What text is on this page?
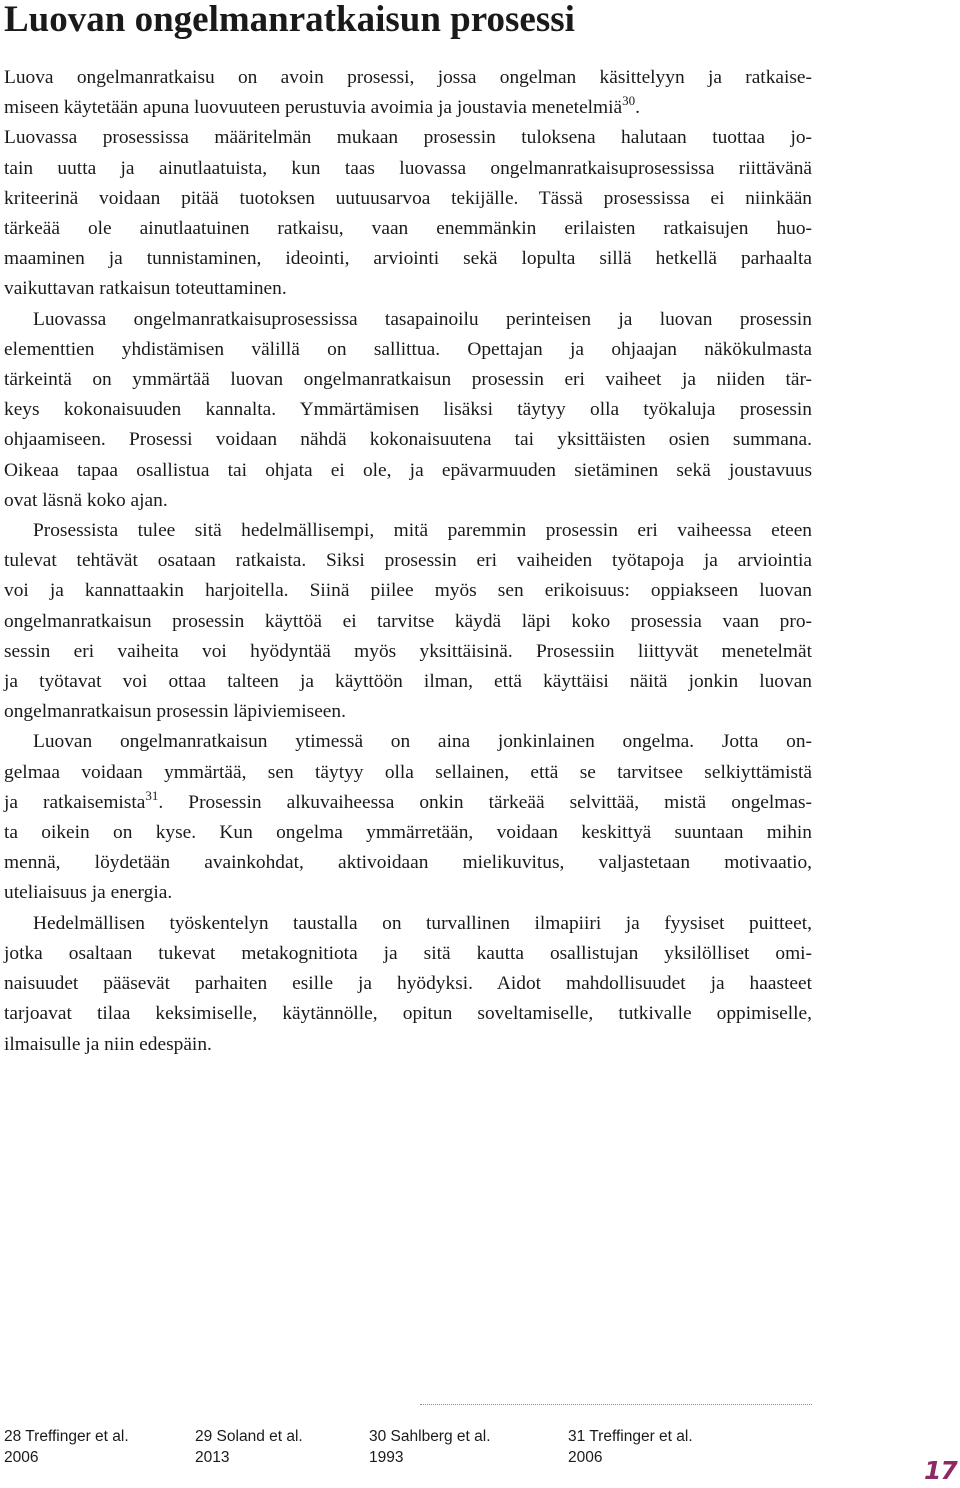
Luovan ongelmanratkaisun prosessi
Luova ongelmanratkaisu on avoin prosessi, jossa ongelman käsittelyyn ja ratkaise-
miseen käytetään apuna luovuuteen perustuvia avoimia ja joustavia menetelmiä$^{30}$.
Luovassa prosessissa määritelmän mukaan prosessin tuloksena halutaan tuottaa jo-
tain uutta ja ainutlaatuista, kun taas luovassa ongelmanratkaisuprosessissa riittävänä
kriteerinä voidaan pitää tuotoksen uutuusarvoa tekijälle. Tässä prosessissa ei niinkään
tärkeää ole ainutlaatuinen ratkaisu, vaan enemmänkin erilaisten ratkaisujen huo-
maaminen ja tunnistaminen, ideointi, arviointi sekä lopulta sillä hetkellä parhaalta
vaikuttavan ratkaisun toteuttaminen.
Luovassa ongelmanratkaisuprosessissa tasapainoilu perinteisen ja luovan prosessin
elementtien yhdistämisen välillä on sallittua. Opettajan ja ohjaajan näkökulmasta
tärkeintä on ymmärtää luovan ongelmanratkaisun prosessin eri vaiheet ja niiden tär-
keys kokonaisuuden kannalta. Ymmärtämisen lisäksi täytyy olla työkaluja prosessin
ohjaamiseen. Prosessi voidaan nähdä kokonaisuutena tai yksittäisten osien summana.
Oikeaa tapaa osallistua tai ohjata ei ole, ja epävarmuuden sietäminen sekä joustavuus
ovat läsnä koko ajan.
Prosessista tulee sitä hedelmällisempi, mitä paremmin prosessin eri vaiheessa eteen
tulevat tehtävät osataan ratkaista. Siksi prosessin eri vaiheiden työtapoja ja arviointia
voi ja kannattaakin harjoitella. Siinä piilee myös sen erikoisuus: oppiakseen luovan
ongelmanratkaisun prosessin käyttöä ei tarvitse käydä läpi koko prosessia vaan pro-
sessin eri vaiheita voi hyödyntää myös yksittäisinä. Prosessiin liittyvät menetelmät
ja työtavat voi ottaa talteen ja käyttöön ilman, että käyttäisi näitä jonkin luovan
ongelmanratkaisun prosessin läpiviemiseen.
Luovan ongelmanratkaisun ytimessä on aina jonkinlainen ongelma. Jotta on-
gelmaa voidaan ymmärtää, sen täytyy olla sellainen, että se tarvitsee selkiyttämistä
ja ratkaisemista$^{31}$. Prosessin alkuvaiheessa onkin tärkeää selvittää, mistä ongelmas-
ta oikein on kyse. Kun ongelma ymmärretään, voidaan keskittyä suuntaan mihin
mennä, löydetään avainkohdat, aktivoidaan mielikuvitus, valjastetaan motivaatio,
uteliaisuus ja energia.
Hedelmällisen työskentelyn taustalla on turvallinen ilmapiiri ja fyysiset puitteet,
jotka osaltaan tukevat metakognitiota ja sitä kautta osallistujan yksilölliset omi-
naisuudet pääsevät parhaiten esille ja hyödyksi. Aidot mahdollisuudet ja haasteet
tarjoavat tilaa keksimiselle, käytännölle, opitun soveltamiselle, tutkivalle oppimiselle,
ilmaisulle ja niin edespäin.
28 Treffinger et al.
2006
29 Soland et al.
2013
30 Sahlberg et al.
1993
31 Treffinger et al.
2006	17
